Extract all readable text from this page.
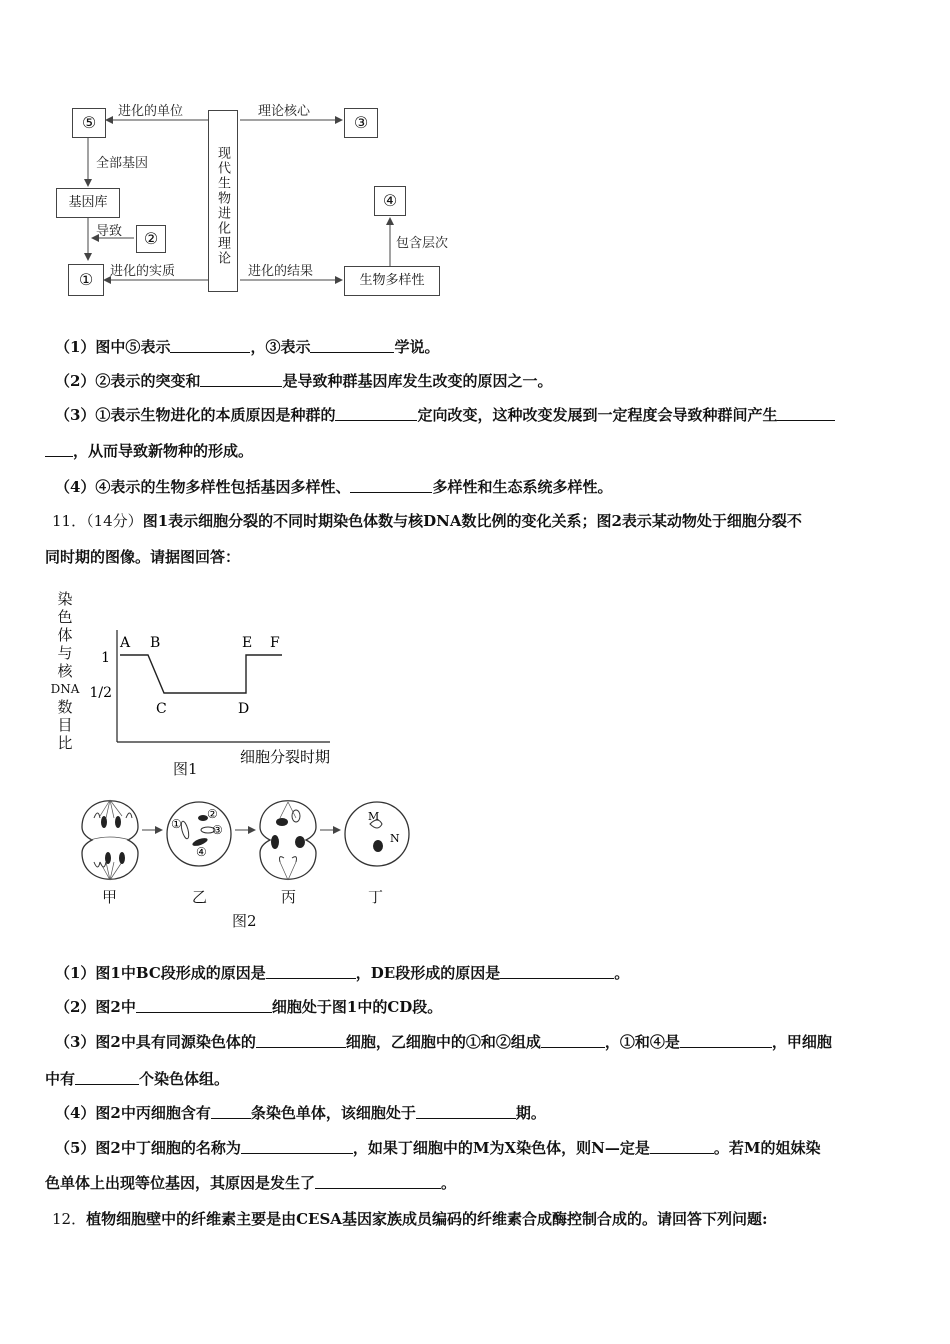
⑤	③
④
②
①
基因库
生物多样性
现代生物进化理论
进化的单位	理论核心
全部基因
导致
进化的实质	进化的结果
包含层次
（1）图中⑤表示	，③表示	学说。
（2）②表示的突变和	是导致种群基因库发生改变的原因之一。
（3）①表示生物进化的本质原因是种群的	定向改变，这种改变发展到一定程度会导致种群间产生
，从而导致新物种的形成。
（4）④表示的生物多样性包括基因多样性、	多样性和生态系统多样性。
11．（14分）图1表示细胞分裂的不同时期染色体数与核DNA数比例的变化关系；图2表示某动物处于细胞分裂不
同时期的图像。请据图回答：
染
色
体
与
核
DNA
数
目
比
1
1/2
A B
C	D
E F
细胞分裂时期
图1
①
②
③
④
M
N
甲	乙	丙	丁
图2
（1）图1中BC段形成的原因是	，DE段形成的原因是	。
（2）图2中	细胞处于图1中的CD段。
（3）图2中具有同源染色体的	细胞，乙细胞中的①和②组成	，①和④是	，甲细胞
中有	个染色体组。
（4）图2中丙细胞含有	条染色单体，该细胞处于	期。
（5）图2中丁细胞的名称为	，如果丁细胞中的M为X染色体，则N—定是	。若M的姐妹染
色单体上出现等位基因，其原因是发生了	。
12．植物细胞壁中的纤维素主要是由CESA基因家族成员编码的纤维素合成酶控制合成的。请回答下列问题:
